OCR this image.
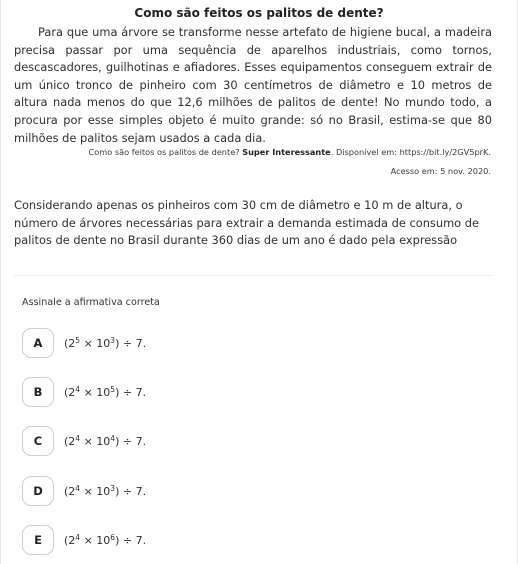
Como são feitos os palitos de dente?
Para que uma árvore se transforme nesse artefato de higiene bucal, a madeira precisa passar por uma sequência de aparelhos industriais, como tornos, descascadores, guilhotinas e afiadores. Esses equipamentos conseguem extrair de um único tronco de pinheiro com 30 centímetros de diâmetro e 10 metros de altura nada menos do que 12,6 milhões de palitos de dente! No mundo todo, a procura por esse simples objeto é muito grande: só no Brasil, estima-se que 80 milhões de palitos sejam usados a cada dia.
Como são feitos os palitos de dente? Super Interessante. Disponível em: https://bit.ly/2GV5prK.
Acesso em: 5 nov. 2020.
Considerando apenas os pinheiros com 30 cm de diâmetro e 10 m de altura, o número de árvores necessárias para extrair a demanda estimada de consumo de palitos de dente no Brasil durante 360 dias de um ano é dado pela expressão
Assinale a afirmativa correta
A	$(2^5 \times 10^3) \div 7$.
B	$(2^4 \times 10^5) \div 7$.
C	$(2^4 \times 10^4) \div 7$.
D	$(2^4 \times 10^3) \div 7$.
E	$(2^4 \times 10^6) \div 7$.
